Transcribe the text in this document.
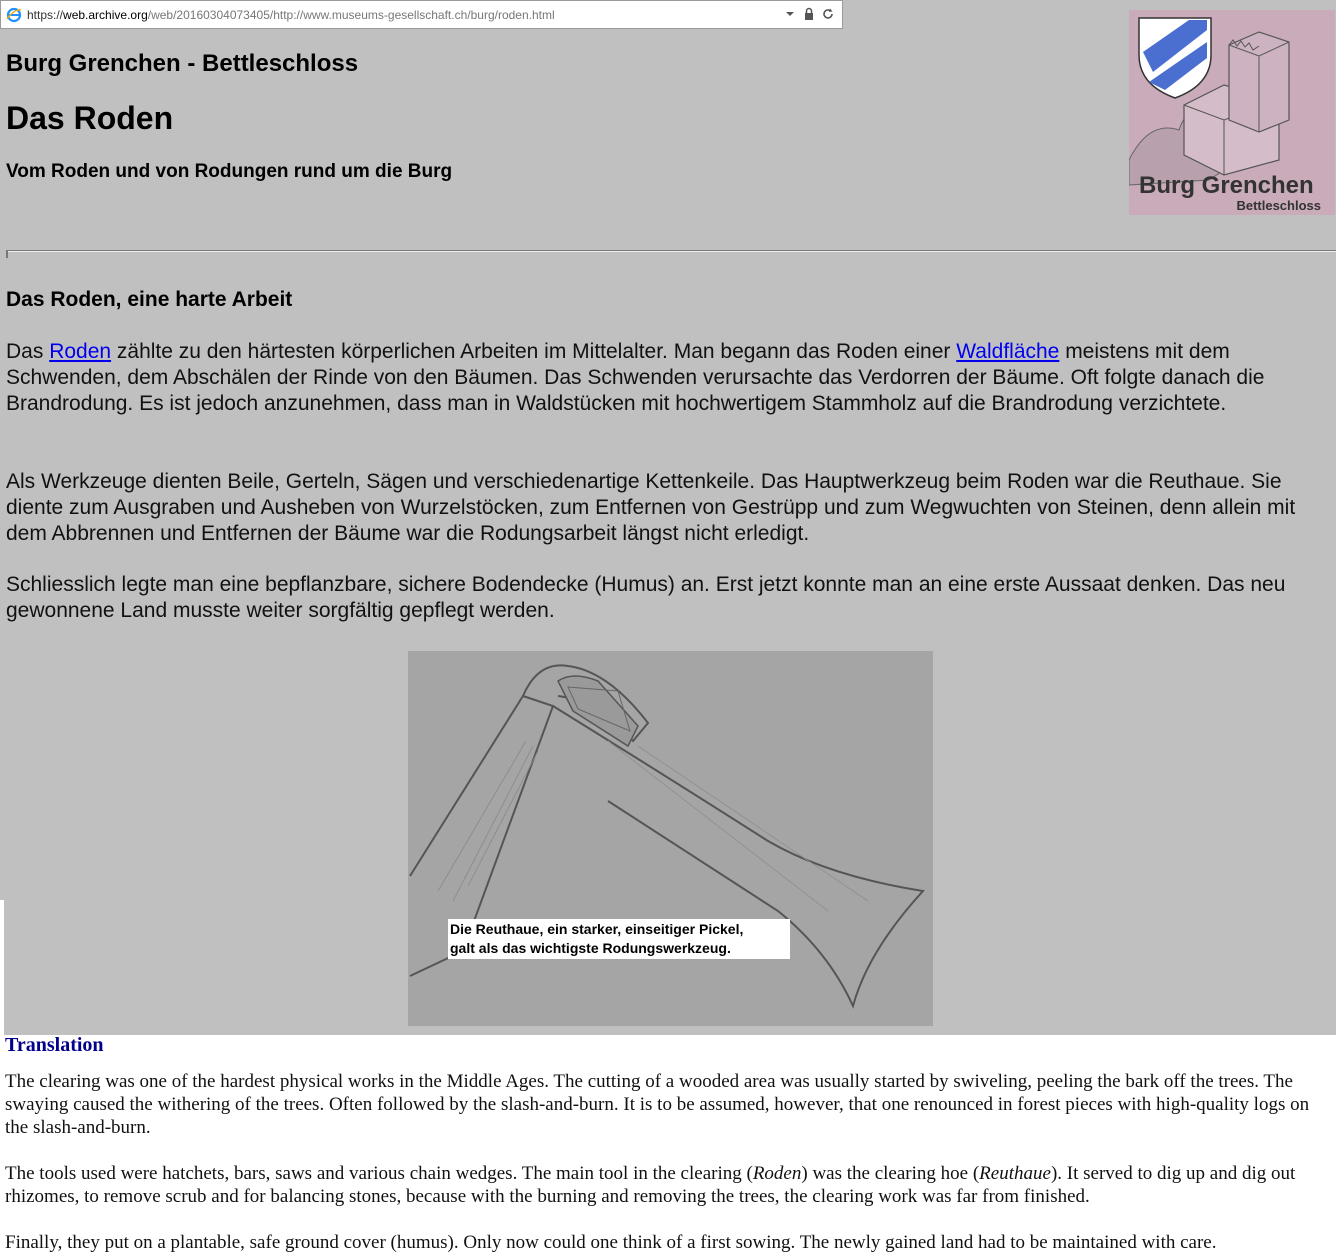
https://web.archive.org/web/20160304073405/http://www.museums-gesellschaft.ch/burg/roden.html
Burg Grenchen - Bettleschloss
Das Roden
Vom Roden und von Rodungen rund um die Burg
Burg Grenchen
Bettleschloss
Das Roden, eine harte Arbeit

Das Roden zählte zu den härtesten körperlichen Arbeiten im Mittelalter. Man begann das Roden einer Waldfläche meistens mit dem Schwenden, dem Abschälen der Rinde von den Bäumen. Das Schwenden verursachte das Verdorren der Bäume. Oft folgte danach die Brandrodung. Es ist jedoch anzunehmen, dass man in Waldstücken mit hochwertigem Stammholz auf die Brandrodung verzichtete.

Als Werkzeuge dienten Beile, Gerteln, Sägen und verschiedenartige Kettenkeile. Das Hauptwerkzeug beim Roden war die Reuthaue. Sie diente zum Ausgraben und Ausheben von Wurzelstöcken, zum Entfernen von Gestrüpp und zum Wegwuchten von Steinen, denn allein mit dem Abbrennen und Entfernen der Bäume war die Rodungsarbeit längst nicht erledigt.

Schliesslich legte man eine bepflanzbare, sichere Bodendecke (Humus) an. Erst jetzt konnte man an eine erste Aussaat denken. Das neu gewonnene Land musste weiter sorgfältig gepflegt werden.

Die Reuthaue, ein starker, einseitiger Pickel,
galt als das wichtigste Rodungswerkzeug.
Translation

The clearing was one of the hardest physical works in the Middle Ages. The cutting of a wooded area was usually started by swiveling, peeling the bark off the trees. The swaying caused the withering of the trees. Often followed by the slash-and-burn. It is to be assumed, however, that one renounced in forest pieces with high-quality logs on the slash-and-burn.

The tools used were hatchets, bars, saws and various chain wedges. The main tool in the clearing (Roden) was the clearing hoe (Reuthaue). It served to dig up and dig out rhizomes, to remove scrub and for balancing stones, because with the burning and removing the trees, the clearing work was far from finished.

Finally, they put on a plantable, safe ground cover (humus). Only now could one think of a first sowing. The newly gained land had to be maintained with care.
